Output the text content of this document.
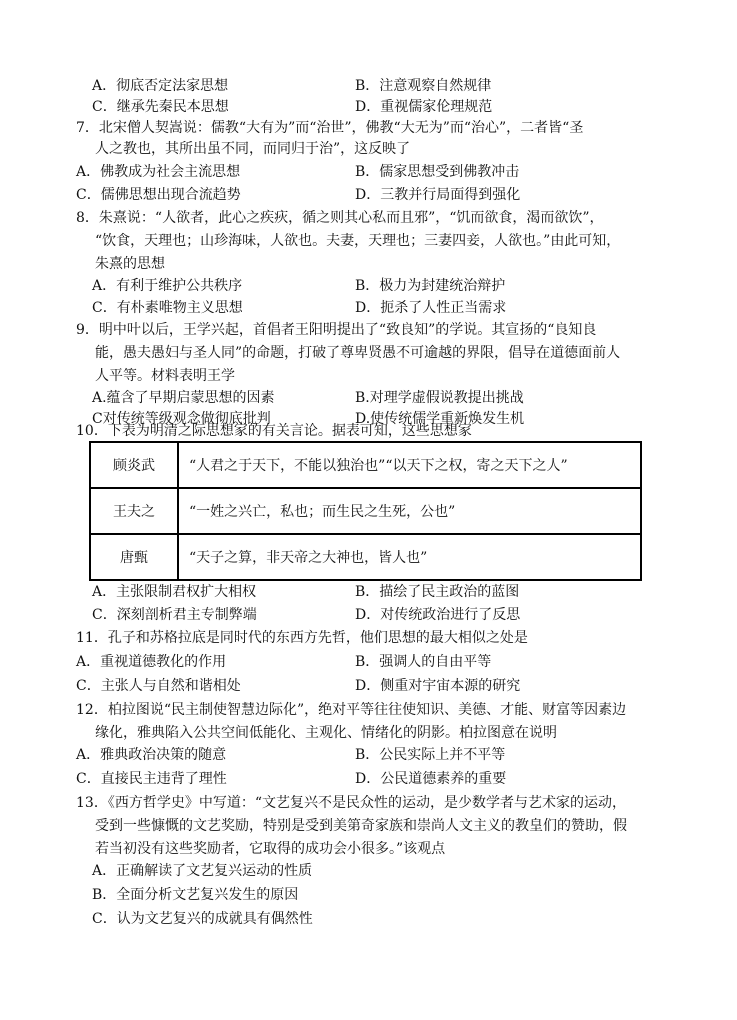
A．彻底否定法家思想	B．注意观察自然规律
C．继承先秦民本思想	D．重视儒家伦理规范
7．北宋僧人契嵩说：儒教“大有为”而“治世”，佛教“大无为”而“治心”，二者皆“圣
人之教也，其所出虽不同，而同归于治”，这反映了
A．佛教成为社会主流思想	B．儒家思想受到佛教冲击
C．儒佛思想出现合流趋势	D．三教并行局面得到强化
8．朱熹说：“人欲者，此心之疾疢，循之则其心私而且邪”，“饥而欲食，渴而欲饮”，
“饮食，天理也；山珍海味，人欲也。夫妻，天理也；三妻四妾，人欲也。”由此可知，
朱熹的思想
A．有利于维护公共秩序	B．极力为封建统治辩护
C．有朴素唯物主义思想	D．扼杀了人性正当需求
9．明中叶以后，王学兴起，首倡者王阳明提出了“致良知”的学说。其宣扬的“良知良
能，愚夫愚妇与圣人同”的命题，打破了尊卑贤愚不可逾越的界限，倡导在道德面前人
人平等。材料表明王学
A.蕴含了早期启蒙思想的因素	B.对理学虚假说教提出挑战
C对传统等级观念做彻底批判	D.使传统儒学重新焕发生机
10．下表为明清之际思想家的有关言论。据表可知，这些思想家
顾炎武	“人君之于天下，不能以独治也”“以天下之权，寄之天下之人”
王夫之	“一姓之兴亡，私也；而生民之生死，公也”
唐甄	“天子之算，非天帝之大神也，皆人也”
A．主张限制君权扩大相权	B．描绘了民主政治的蓝图
C．深刻剖析君主专制弊端	D．对传统政治进行了反思
11．孔子和苏格拉底是同时代的东西方先哲，他们思想的最大相似之处是
A．重视道德教化的作用	B．强调人的自由平等
C．主张人与自然和谐相处	D．侧重对宇宙本源的研究
12．柏拉图说“民主制使智慧边际化”，绝对平等往往使知识、美德、才能、财富等因素边
缘化，雅典陷入公共空间低能化、主观化、情绪化的阴影。柏拉图意在说明
A．雅典政治决策的随意	B．公民实际上并不平等
C．直接民主违背了理性	D．公民道德素养的重要
13．《西方哲学史》中写道：“文艺复兴不是民众性的运动，是少数学者与艺术家的运动，
受到一些慷慨的文艺奖励，特别是受到美第奇家族和崇尚人文主义的教皇们的赞助，假
若当初没有这些奖励者，它取得的成功会小很多。”该观点
A．正确解读了文艺复兴运动的性质
B．全面分析文艺复兴发生的原因
C．认为文艺复兴的成就具有偶然性
